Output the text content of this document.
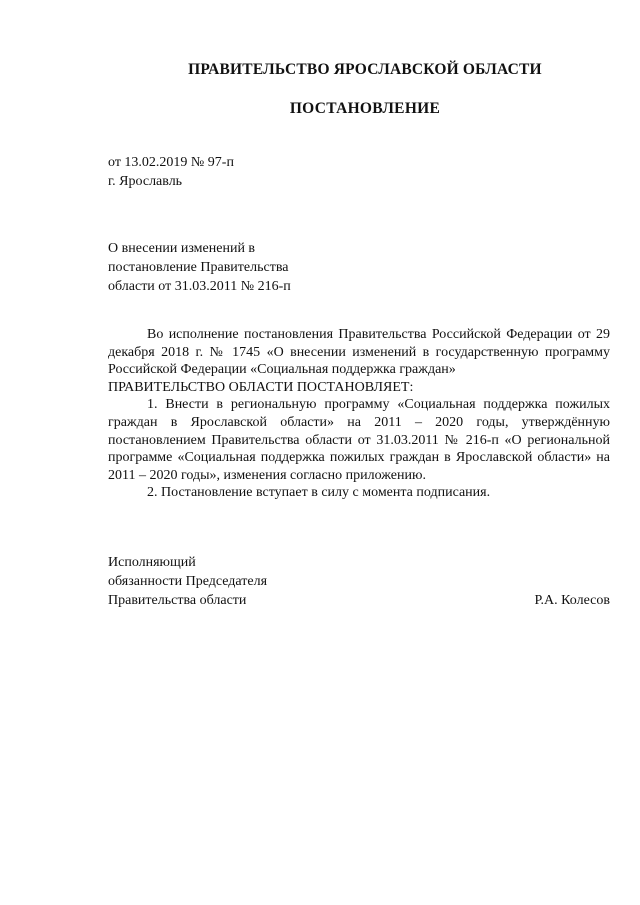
ПРАВИТЕЛЬСТВО ЯРОСЛАВСКОЙ ОБЛАСТИ
ПОСТАНОВЛЕНИЕ
от 13.02.2019 № 97-п
г. Ярославль
О внесении изменений в
постановление Правительства
области от 31.03.2011 № 216-п

Во исполнение постановления Правительства Российской Федерации от 29 декабря 2018 г. № 1745 «О внесении изменений в государственную программу Российской Федерации «Социальная поддержка граждан»

ПРАВИТЕЛЬСТВО ОБЛАСТИ ПОСТАНОВЛЯЕТ:

1. Внести в региональную программу «Социальная поддержка пожилых граждан в Ярославской области» на 2011 – 2020 годы, утверждённую постановлением Правительства области от 31.03.2011 № 216-п «О региональной программе «Социальная поддержка пожилых граждан в Ярославской области» на 2011 – 2020 годы», изменения согласно приложению.

2. Постановление вступает в силу с момента подписания.

Исполняющий
обязанности Председателя
Правительства области	Р.А. Колесов
